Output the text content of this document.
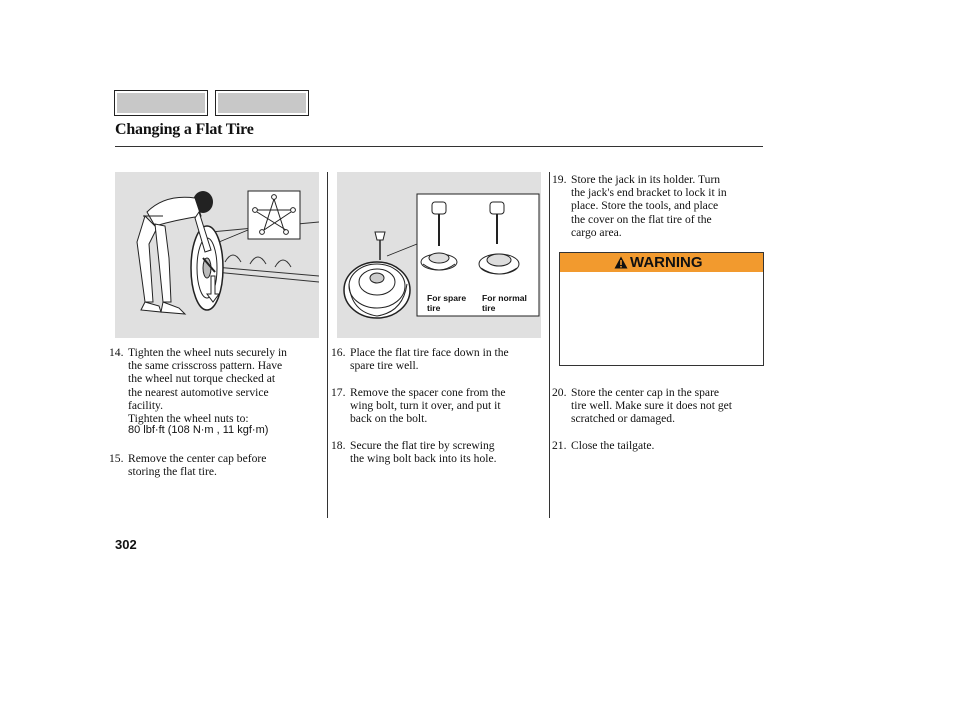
Changing a Flat Tire
For spare
tire
For normal
tire
14. Tighten the wheel nuts securely in
the same crisscross pattern. Have
the wheel nut torque checked at
the nearest automotive service
facility.
Tighten the wheel nuts to:
80 lbf·ft (108 N·m , 11 kgf·m)
15. Remove the center cap before
storing the flat tire.
16. Place the flat tire face down in the
spare tire well.
17. Remove the spacer cone from the
wing bolt, turn it over, and put it
back on the bolt.
18. Secure the flat tire by screwing
the wing bolt back into its hole.
19. Store the jack in its holder. Turn
the jack's end bracket to lock it in
place. Store the tools, and place
the cover on the flat tire of the
cargo area.
WARNING
20. Store the center cap in the spare
tire well. Make sure it does not get
scratched or damaged.
21. Close the tailgate.
302
